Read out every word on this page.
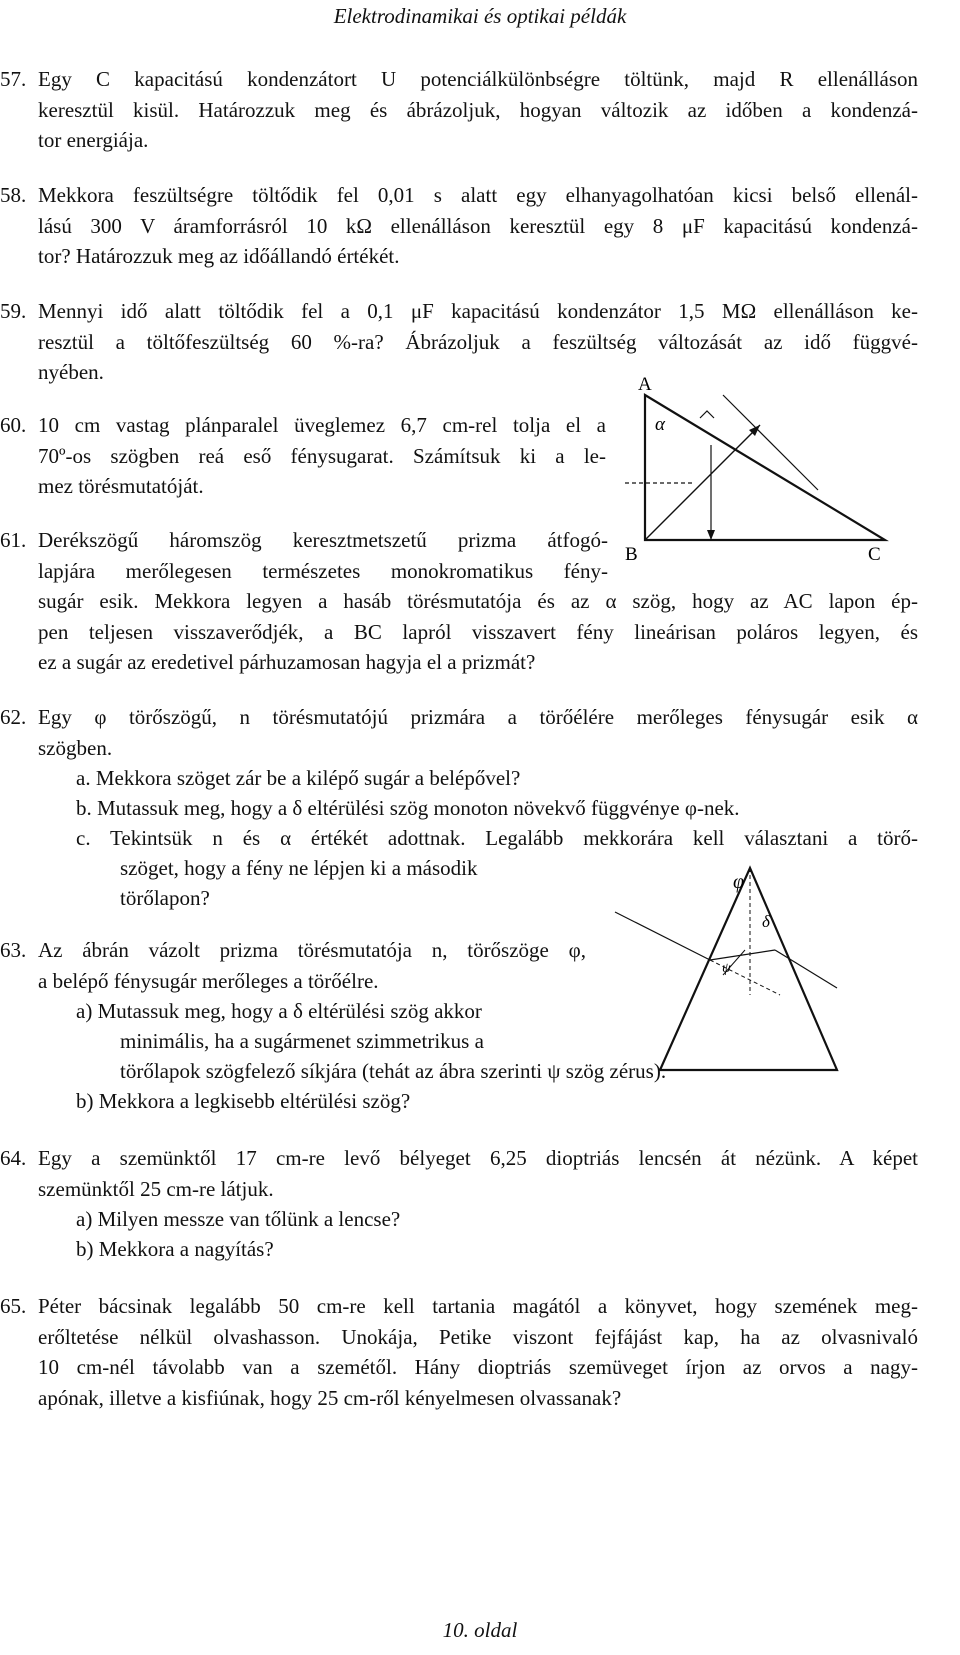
Elektrodinamikai és optikai példák
57. Egy C kapacitású kondenzátort U potenciálkülönbségre töltünk, majd R ellenálláson
keresztül kisül. Határozzuk meg és ábrázoljuk, hogyan változik az időben a kondenzá-
tor energiája.
58. Mekkora feszültségre töltődik fel 0,01 s alatt egy elhanyagolhatóan kicsi belső ellenál-
lású 300 V áramforrásról 10 kΩ ellenálláson keresztül egy 8 μF kapacitású kondenzá-
tor? Határozzuk meg az időállandó értékét.
59. Mennyi idő alatt töltődik fel a 0,1 μF kapacitású kondenzátor 1,5 MΩ ellenálláson ke-
resztül a töltőfeszültség 60 %-ra? Ábrázoljuk a feszültség változását az idő függvé-
nyében.
60. 10 cm vastag plánparalel üveglemez 6,7 cm-rel tolja el a
70º-os szögben reá eső fénysugarat. Számítsuk ki a le-
mez törésmutatóját.
61. Derékszögű háromszög keresztmetszetű prizma átfogó-
lapjára merőlegesen természetes monokromatikus fény-
sugár esik. Mekkora legyen a hasáb törésmutatója és az α szög, hogy az AC lapon ép-
pen teljesen visszaverődjék, a BC lapról visszavert fény lineárisan poláros legyen, és
ez a sugár az eredetivel párhuzamosan hagyja el a prizmát?
A
α
B	C
62. Egy φ törőszögű, n törésmutatójú prizmára a törőélére merőleges fénysugár esik α
szögben.
a. Mekkora szöget zár be a kilépő sugár a belépővel?
b. Mutassuk meg, hogy a δ eltérülési szög monoton növekvő függvénye φ-nek.
c. Tekintsük n és α értékét adottnak. Legalább mekkorára kell választani a törő-
szöget, hogy a fény ne lépjen ki a második
törőlapon?
φ
δ
ψ
63. Az ábrán vázolt prizma törésmutatója n, törőszöge φ,
a belépő fénysugár merőleges a törőélre.
a) Mutassuk meg, hogy a δ eltérülési szög akkor
minimális, ha a sugármenet szimmetrikus a
törőlapok szögfelező síkjára (tehát az ábra szerinti ψ szög zérus).
b) Mekkora a legkisebb eltérülési szög?
64. Egy a szemünktől 17 cm-re levő bélyeget 6,25 dioptriás lencsén át nézünk. A képet
szemünktől 25 cm-re látjuk.
a) Milyen messze van tőlünk a lencse?
b) Mekkora a nagyítás?
65. Péter bácsinak legalább 50 cm-re kell tartania magától a könyvet, hogy szemének meg-
erőltetése nélkül olvashasson. Unokája, Petike viszont fejfájást kap, ha az olvasnivaló
10 cm-nél távolabb van a szemétől. Hány dioptriás szemüveget írjon az orvos a nagy-
apónak, illetve a kisfiúnak, hogy 25 cm-ről kényelmesen olvassanak?
10. oldal
